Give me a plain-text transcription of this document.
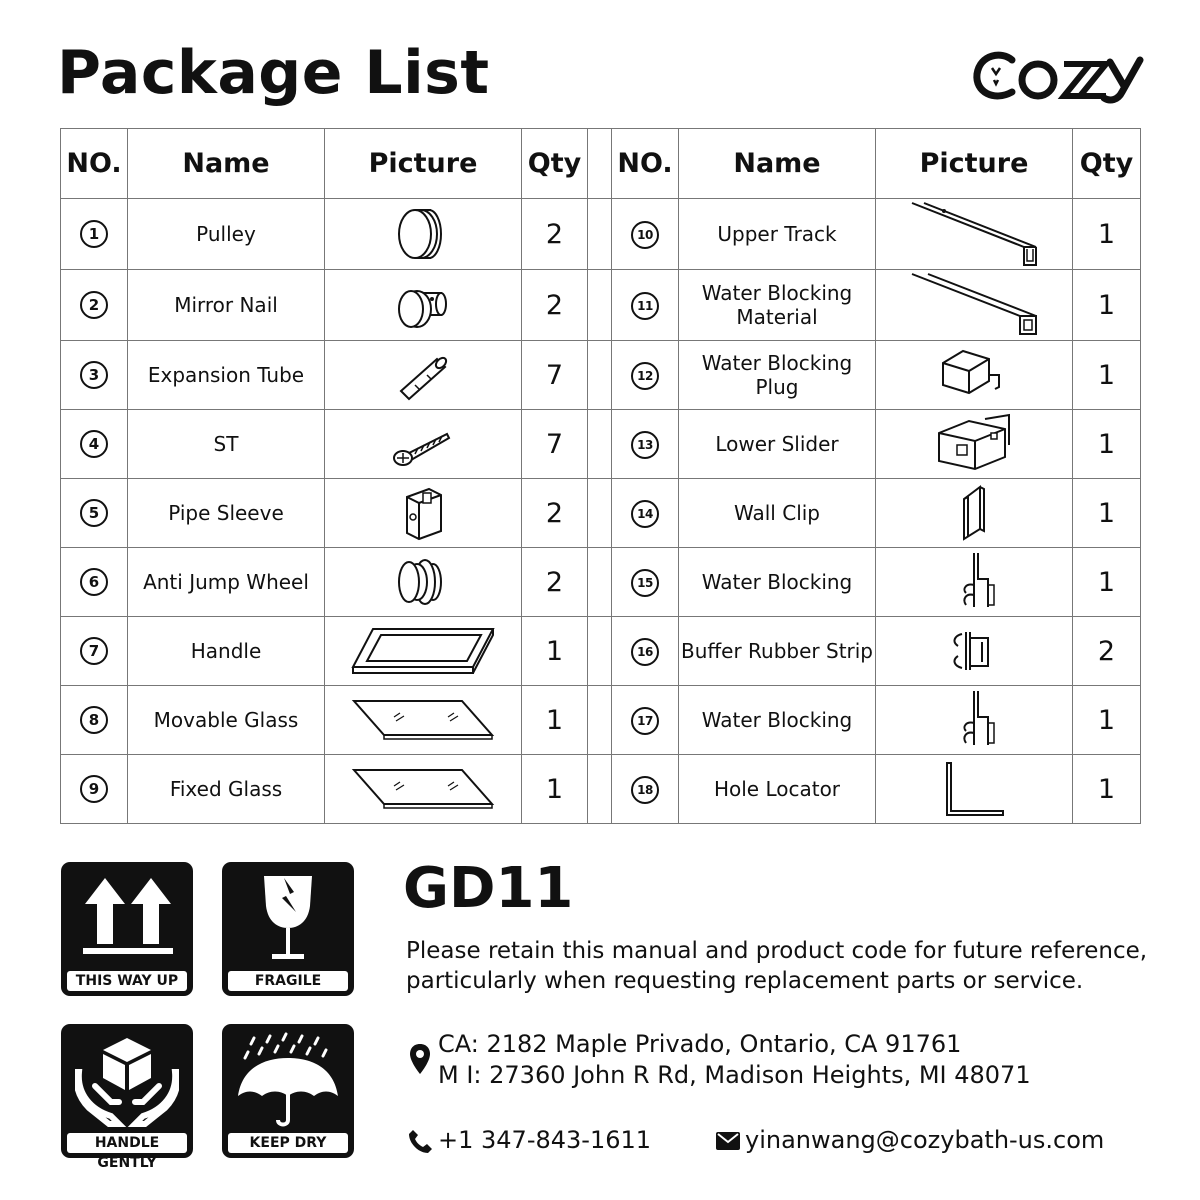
Package List
NO.	Name	Picture	Qty		NO.	Name	Picture	Qty
1	Pulley		2		10	Upper Track		1
2	Mirror Nail		2		11	Water Blocking Material		1
3	Expansion Tube		7		12	Water Blocking Plug		1
4	ST		7		13	Lower Slider		1
5	Pipe Sleeve		2		14	Wall Clip		1
6	Anti Jump Wheel		2		15	Water Blocking		1
7	Handle		1		16	Buffer Rubber Strip		2
8	Movable Glass		1		17	Water Blocking		1
9	Fixed Glass		1		18	Hole Locator		1
THIS WAY UP	FRAGILE
HANDLE GENTLY
KEEP DRY
GD11
Please retain this manual and product code for future reference, particularly when requesting replacement parts or service.
CA: 2182 Maple Privado, Ontario, CA 91761
M I: 27360 John R Rd, Madison Heights, MI 48071
+1 347-843-1611	yinanwang@cozybath-us.com
